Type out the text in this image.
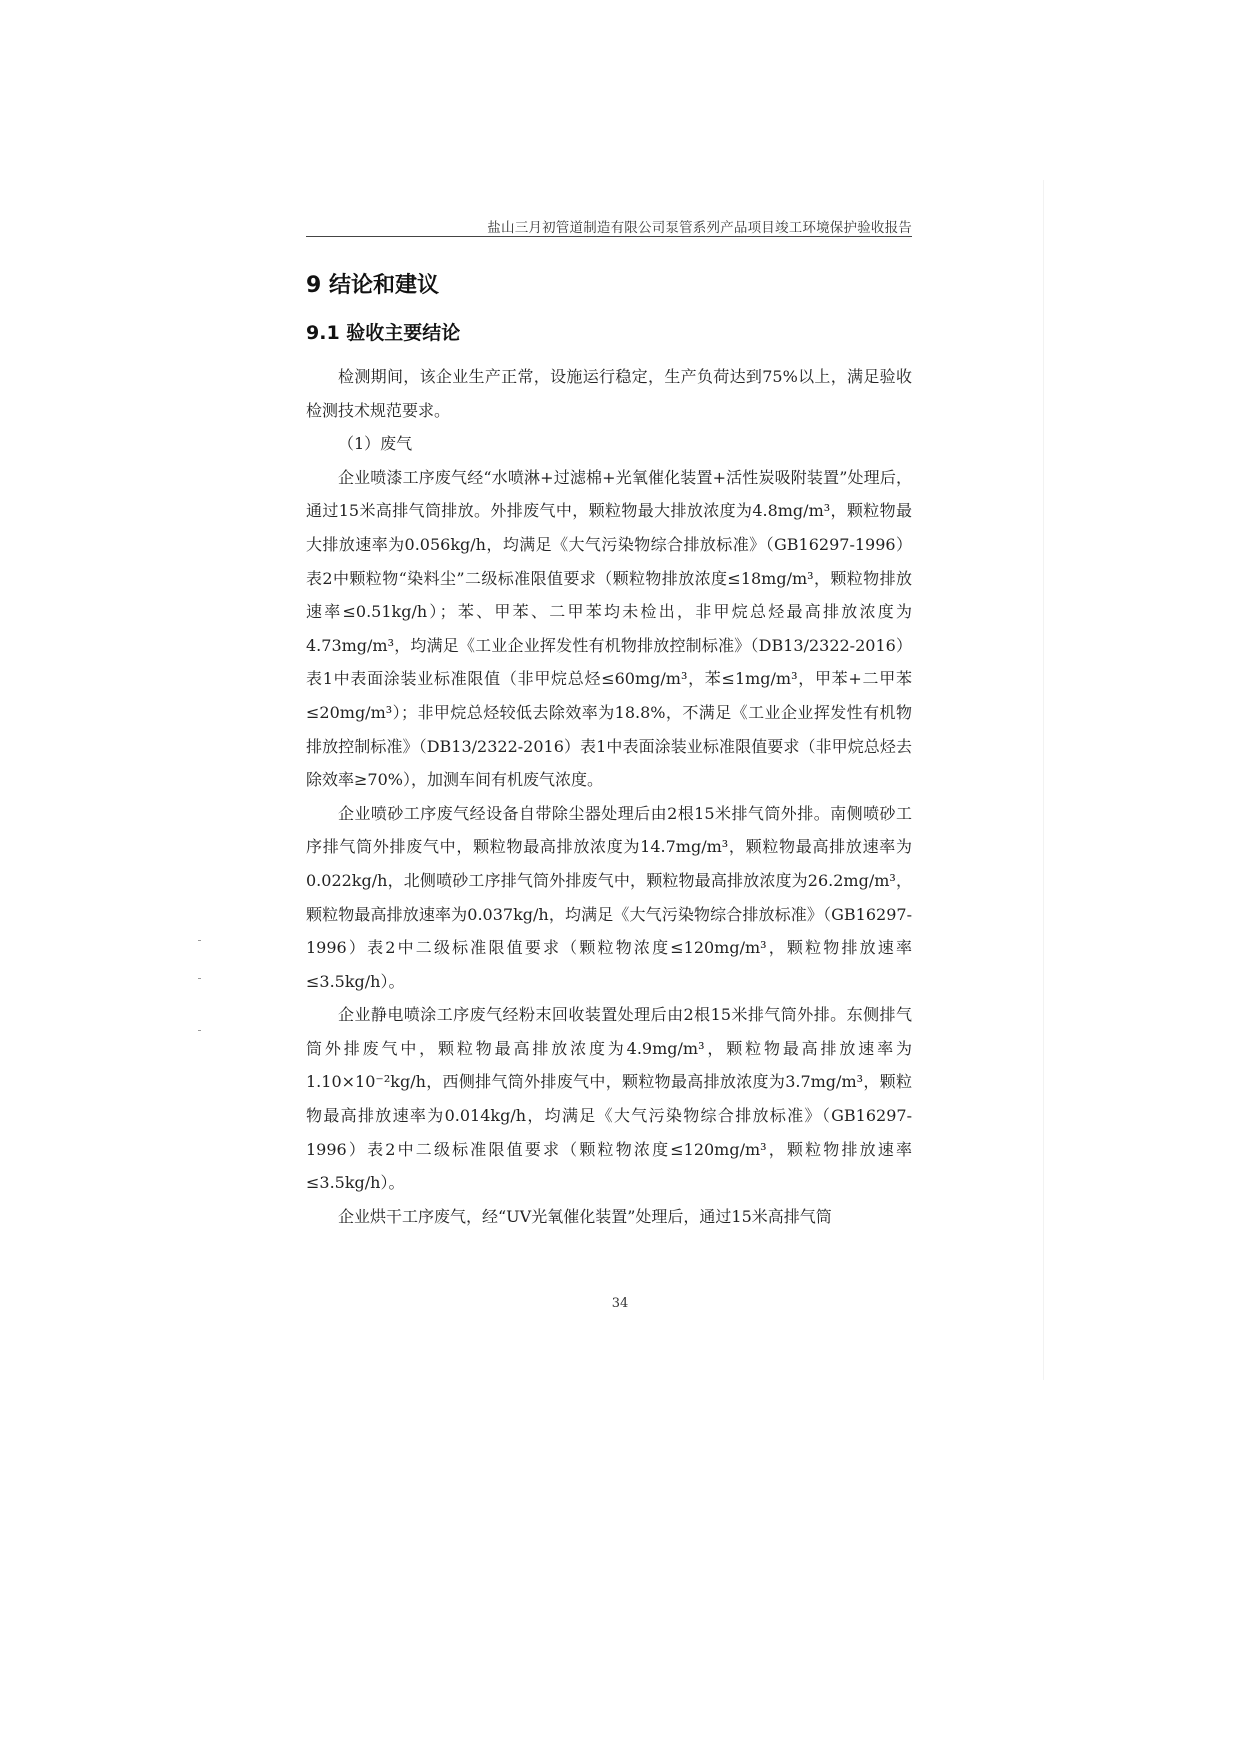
盐山三月初管道制造有限公司泵管系列产品项目竣工环境保护验收报告
9 结论和建议
9.1 验收主要结论

检测期间，该企业生产正常，设施运行稳定，生产负荷达到75%以上，满足验收检测技术规范要求。

（1）废气

企业喷漆工序废气经“水喷淋+过滤棉+光氧催化装置+活性炭吸附装置”处理后，通过15米高排气筒排放。外排废气中，颗粒物最大排放浓度为4.8mg/m³，颗粒物最大排放速率为0.056kg/h，均满足《大气污染物综合排放标准》（GB16297-1996）表2中颗粒物“染料尘”二级标准限值要求（颗粒物排放浓度≤18mg/m³，颗粒物排放速率≤0.51kg/h）；苯、甲苯、二甲苯均未检出，非甲烷总烃最高排放浓度为4.73mg/m³，均满足《工业企业挥发性有机物排放控制标准》（DB13/2322-2016）表1中表面涂装业标准限值（非甲烷总烃≤60mg/m³，苯≤1mg/m³，甲苯+二甲苯≤20mg/m³）；非甲烷总烃较低去除效率为18.8%，不满足《工业企业挥发性有机物排放控制标准》（DB13/2322-2016）表1中表面涂装业标准限值要求（非甲烷总烃去除效率≥70%），加测车间有机废气浓度。

企业喷砂工序废气经设备自带除尘器处理后由2根15米排气筒外排。南侧喷砂工序排气筒外排废气中，颗粒物最高排放浓度为14.7mg/m³，颗粒物最高排放速率为0.022kg/h，北侧喷砂工序排气筒外排废气中，颗粒物最高排放浓度为26.2mg/m³，颗粒物最高排放速率为0.037kg/h，均满足《大气污染物综合排放标准》（GB16297-1996）表2中二级标准限值要求（颗粒物浓度≤120mg/m³，颗粒物排放速率≤3.5kg/h）。

企业静电喷涂工序废气经粉末回收装置处理后由2根15米排气筒外排。东侧排气筒外排废气中，颗粒物最高排放浓度为4.9mg/m³，颗粒物最高排放速率为1.10×10⁻²kg/h，西侧排气筒外排废气中，颗粒物最高排放浓度为3.7mg/m³，颗粒物最高排放速率为0.014kg/h，均满足《大气污染物综合排放标准》（GB16297-1996）表2中二级标准限值要求（颗粒物浓度≤120mg/m³，颗粒物排放速率≤3.5kg/h）。

企业烘干工序废气，经“UV光氧催化装置”处理后，通过15米高排气筒

34
